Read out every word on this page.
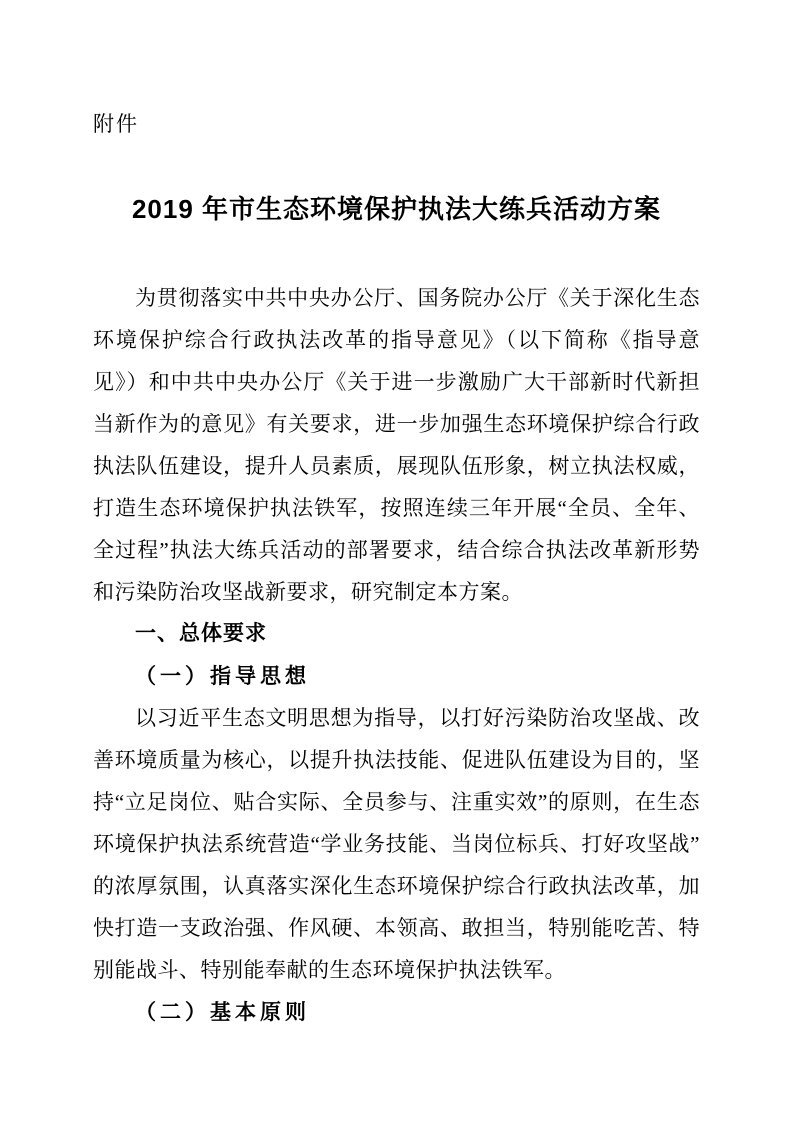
附件
2019 年市生态环境保护执法大练兵活动方案

为贯彻落实中共中央办公厅、国务院办公厅《关于深化生态环境保护综合行政执法改革的指导意见》（以下简称《指导意见》）和中共中央办公厅《关于进一步激励广大干部新时代新担当新作为的意见》有关要求，进一步加强生态环境保护综合行政执法队伍建设，提升人员素质，展现队伍形象，树立执法权威，打造生态环境保护执法铁军，按照连续三年开展“全员、全年、全过程”执法大练兵活动的部署要求，结合综合执法改革新形势和污染防治攻坚战新要求，研究制定本方案。

一、总体要求
（一）指导思想

以习近平生态文明思想为指导，以打好污染防治攻坚战、改善环境质量为核心，以提升执法技能、促进队伍建设为目的，坚持“立足岗位、贴合实际、全员参与、注重实效”的原则，在生态环境保护执法系统营造“学业务技能、当岗位标兵、打好攻坚战”的浓厚氛围，认真落实深化生态环境保护综合行政执法改革，加快打造一支政治强、作风硬、本领高、敢担当，特别能吃苦、特别能战斗、特别能奉献的生态环境保护执法铁军。

（二）基本原则
